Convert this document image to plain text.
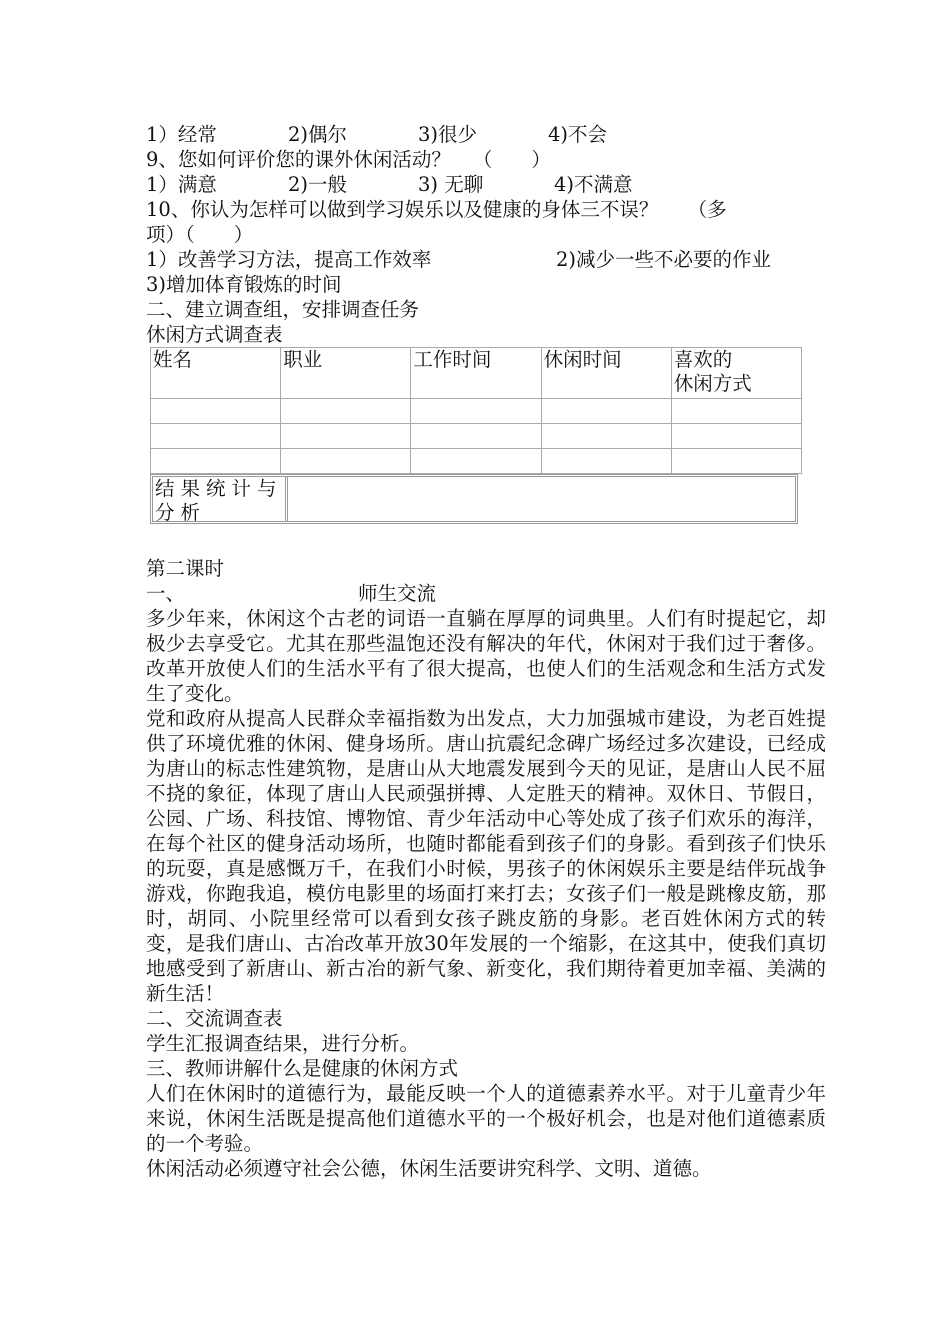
1）经常	2)偶尔	3)很少	4)不会
9、您如何评价您的课外休闲活动？ （　　）
1）满意	2)一般	3) 无聊	4)不满意
10、你认为怎样可以做到学习娱乐以及健康的身体三不误？　　（多
项）（　　）
1）改善学习方法，提高工作效率	2)减少一些不必要的作业
3)增加体育锻炼的时间
二、建立调查组，安排调查任务
休闲方式调查表
姓名	职业	工作时间	休闲时间	喜欢的
休闲方式

结果统计与分析
第二课时
一、	师生交流

多少年来，休闲这个古老的词语一直躺在厚厚的词典里。人们有时提起它，却极少去享受它。尤其在那些温饱还没有解决的年代，休闲对于我们过于奢侈。改革开放使人们的生活水平有了很大提高，也使人们的生活观念和生活方式发生了变化。

党和政府从提高人民群众幸福指数为出发点，大力加强城市建设，为老百姓提供了环境优雅的休闲、健身场所。唐山抗震纪念碑广场经过多次建设，已经成为唐山的标志性建筑物，是唐山从大地震发展到今天的见证，是唐山人民不屈不挠的象征，体现了唐山人民顽强拼搏、人定胜天的精神。双休日、节假日，公园、广场、科技馆、博物馆、青少年活动中心等处成了孩子们欢乐的海洋，在每个社区的健身活动场所，也随时都能看到孩子们的身影。看到孩子们快乐的玩耍，真是感慨万千，在我们小时候，男孩子的休闲娱乐主要是结伴玩战争游戏，你跑我追，模仿电影里的场面打来打去；女孩子们一般是跳橡皮筋，那时，胡同、小院里经常可以看到女孩子跳皮筋的身影。老百姓休闲方式的转变，是我们唐山、古冶改革开放30年发展的一个缩影，在这其中，使我们真切地感受到了新唐山、新古冶的新气象、新变化，我们期待着更加幸福、美满的新生活！

二、交流调查表
学生汇报调查结果，进行分析。
三、教师讲解什么是健康的休闲方式

人们在休闲时的道德行为，最能反映一个人的道德素养水平。对于儿童青少年来说，休闲生活既是提高他们道德水平的一个极好机会，也是对他们道德素质的一个考验。

休闲活动必须遵守社会公德，休闲生活要讲究科学、文明、道德。
